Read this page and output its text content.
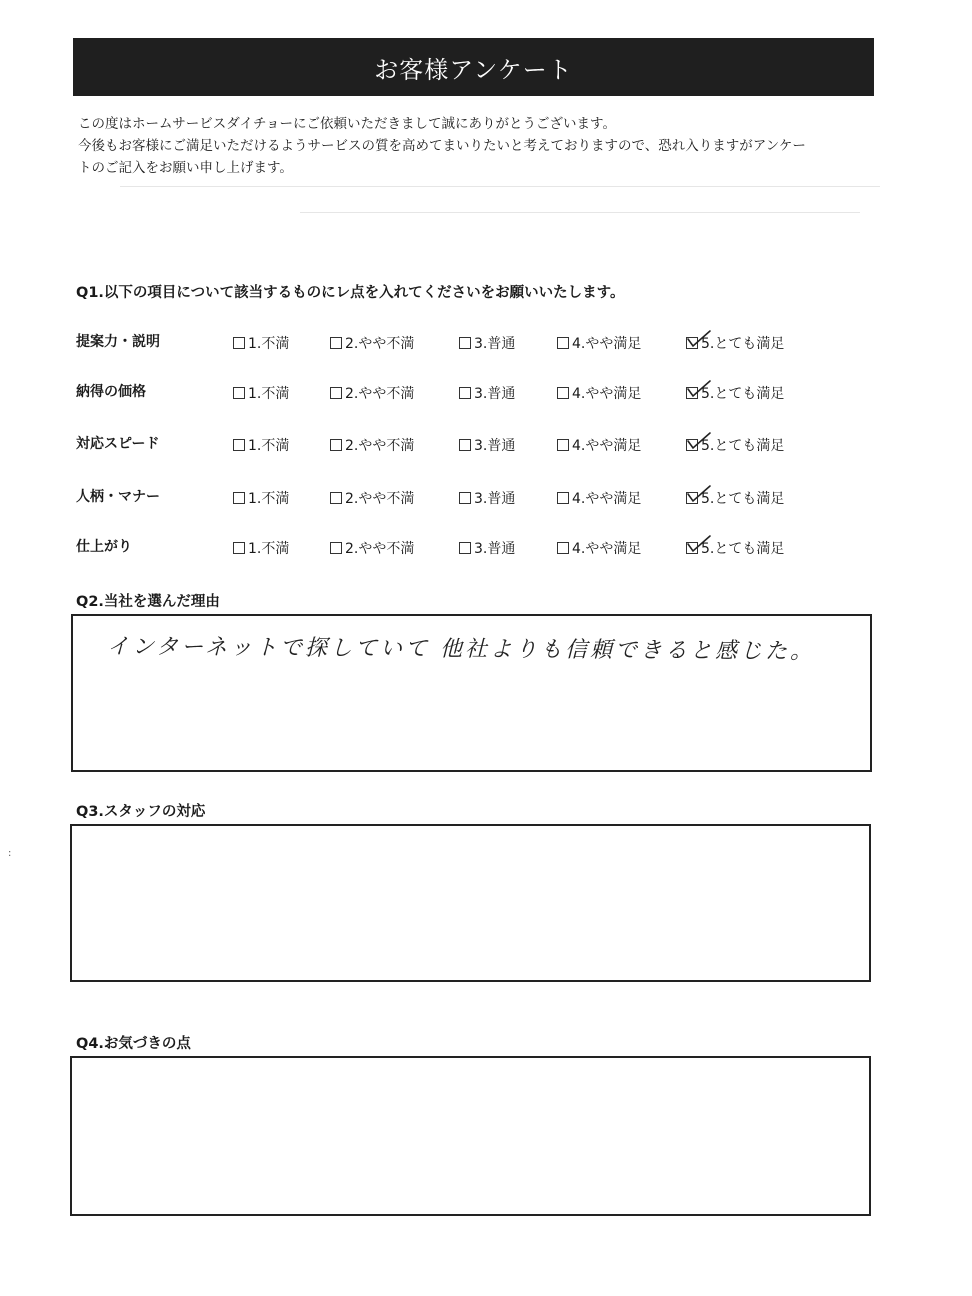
お客様アンケート

この度はホームサービスダイチョーにご依頼いただきまして誠にありがとうございます。

今後もお客様にご満足いただけるようサービスの質を高めてまいりたいと考えておりますので、恐れ入りますがアンケー

トのご記入をお願い申し上げます。

Q1.以下の項目について該当するものにレ点を入れてくださいをお願いいたします。
提案力・説明	1.不満	2.やや不満	3.普通	4.やや満足	5.とても満足
納得の価格	1.不満	2.やや不満	3.普通	4.やや満足	5.とても満足
対応スピード	1.不満	2.やや不満	3.普通	4.やや満足	5.とても満足
人柄・マナー	1.不満	2.やや不満	3.普通	4.やや満足	5.とても満足
仕上がり	1.不満	2.やや不満	3.普通	4.やや満足	5.とても満足
Q2.当社を選んだ理由
インターネットで探していて 他社よりも信頼できると感じた。
Q3.スタッフの対応
Q4.お気づきの点
:
